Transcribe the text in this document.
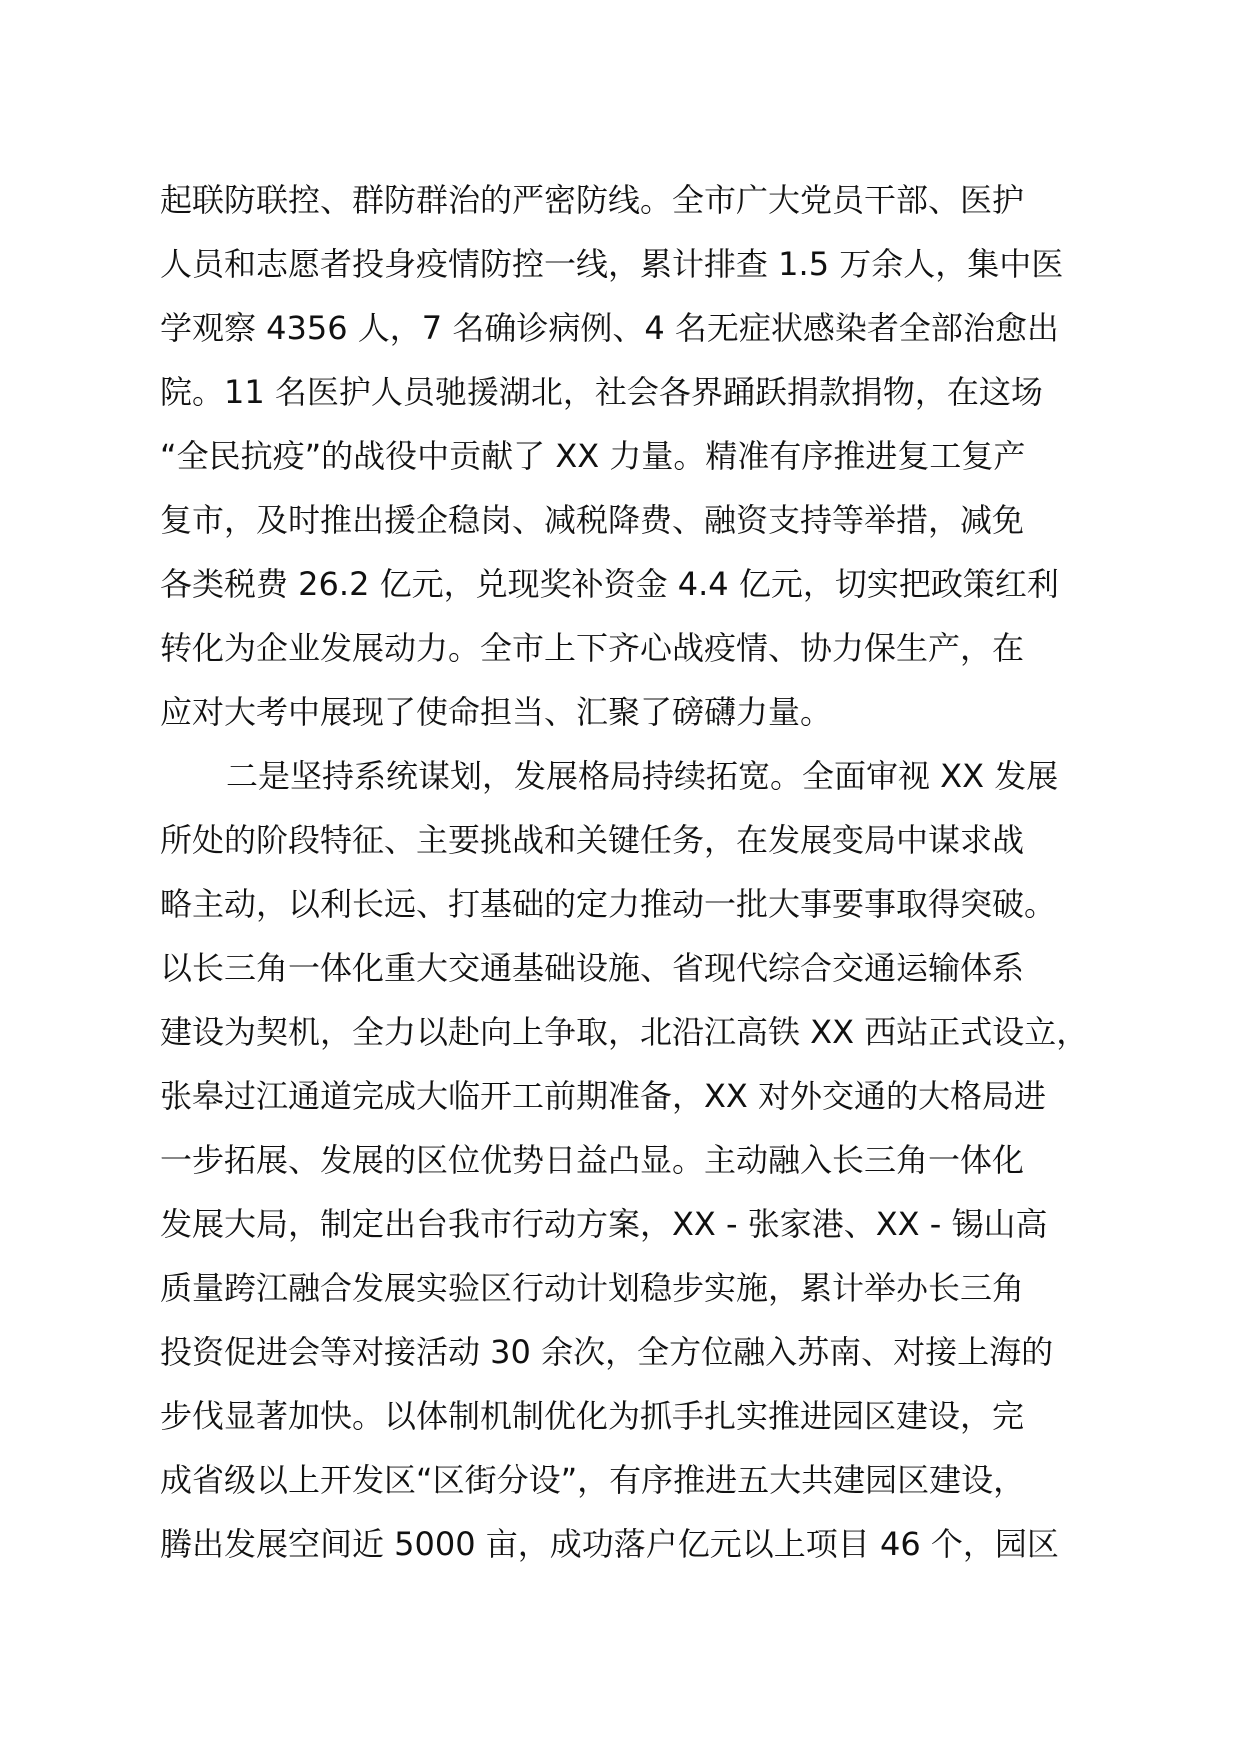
起联防联控、群防群治的严密防线。全市广大党员干部、医护
人员和志愿者投身疫情防控一线，累计排查 1.5 万余人，集中医
学观察 4356 人，7 名确诊病例、4 名无症状感染者全部治愈出
院。11 名医护人员驰援湖北，社会各界踊跃捐款捐物，在这场
“全民抗疫”的战役中贡献了 XX 力量。精准有序推进复工复产
复市，及时推出援企稳岗、减税降费、融资支持等举措，减免
各类税费 26.2 亿元，兑现奖补资金 4.4 亿元，切实把政策红利
转化为企业发展动力。全市上下齐心战疫情、协力保生产，在
应对大考中展现了使命担当、汇聚了磅礴力量。
二是坚持系统谋划，发展格局持续拓宽。全面审视 XX 发展
所处的阶段特征、主要挑战和关键任务，在发展变局中谋求战
略主动，以利长远、打基础的定力推动一批大事要事取得突破。
以长三角一体化重大交通基础设施、省现代综合交通运输体系
建设为契机，全力以赴向上争取，北沿江高铁 XX 西站正式设立，
张皋过江通道完成大临开工前期准备，XX 对外交通的大格局进
一步拓展、发展的区位优势日益凸显。主动融入长三角一体化
发展大局，制定出台我市行动方案，XX - 张家港、XX - 锡山高
质量跨江融合发展实验区行动计划稳步实施，累计举办长三角
投资促进会等对接活动 30 余次，全方位融入苏南、对接上海的
步伐显著加快。以体制机制优化为抓手扎实推进园区建设，完
成省级以上开发区“区街分设”，有序推进五大共建园区建设，
腾出发展空间近 5000 亩，成功落户亿元以上项目 46 个，园区
